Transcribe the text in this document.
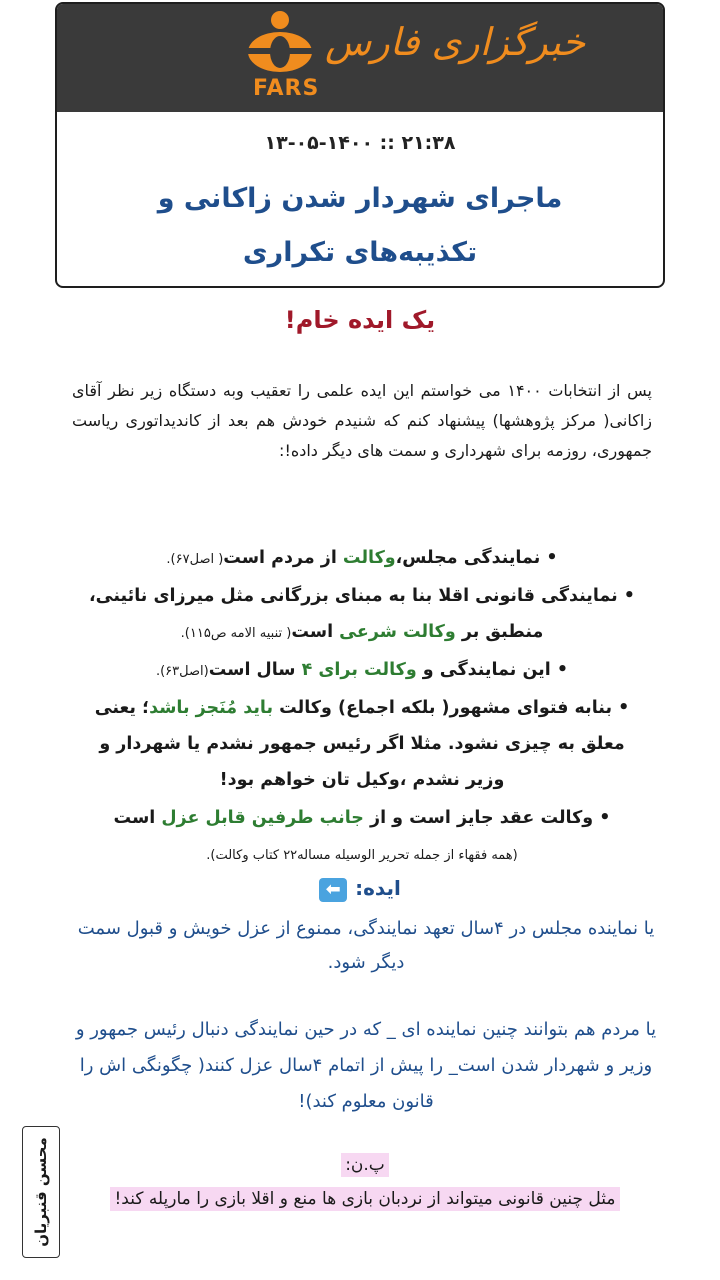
FARS
خبرگزاری فارس
۲۱:۳۸ :: ۱۳-۰۵-۱۴۰۰
ماجرای شهردار شدن زاکانی و تکذیبه‌های تکراری
یک ایده خام!
پس از انتخابات ۱۴۰۰ می خواستم این ایده علمی را تعقیب وبه دستگاه زیر نظر آقای زاکانی( مرکز پژوهشها) پیشنهاد کنم که شنیدم خودش هم بعد از کاندیداتوری ریاست جمهوری، روزمه برای شهرداری و سمت های دیگر داده!:

• نمایندگی مجلس،وکالت از مردم است( اصل۶۷).

• نمایندگی قانونی اقلا بنا به مبنای بزرگانی مثل میرزای نائینی، منطبق بر وکالت شرعی است( تنبیه الامه ص۱۱۵).

• این نمایندگی و وکالت برای ۴ سال است(اصل۶۳).

• بنابه فتوای مشهور( بلکه اجماع) وکالت باید مُنَجز باشد؛ یعنی معلق به چیزی نشود. مثلا اگر رئیس جمهور نشدم یا شهردار و وزیر نشدم ،وکیل تان خواهم بود!

• وکالت عقد جایز است و از جانب طرفین قابل عزل است

(همه فقهاء از جمله تحریر الوسیله مساله۲۲ کتاب وکالت).

ایده:⬅
یا نماینده مجلس در ۴سال تعهد نمایندگی، ممنوع از عزل خویش و قبول سمت دیگر شود.
یا مردم هم بتوانند چنین نماینده ای _ که در حین نمایندگی دنبال رئیس جمهور و وزیر و شهردار شدن است_ را پیش از اتمام ۴سال عزل کنند( چگونگی اش را قانون معلوم کند)!
پ.ن:
مثل چنین قانونی میتواند از نردبان بازی ها منع و اقلا بازی را مارپله کند!
محسن قنبریان
